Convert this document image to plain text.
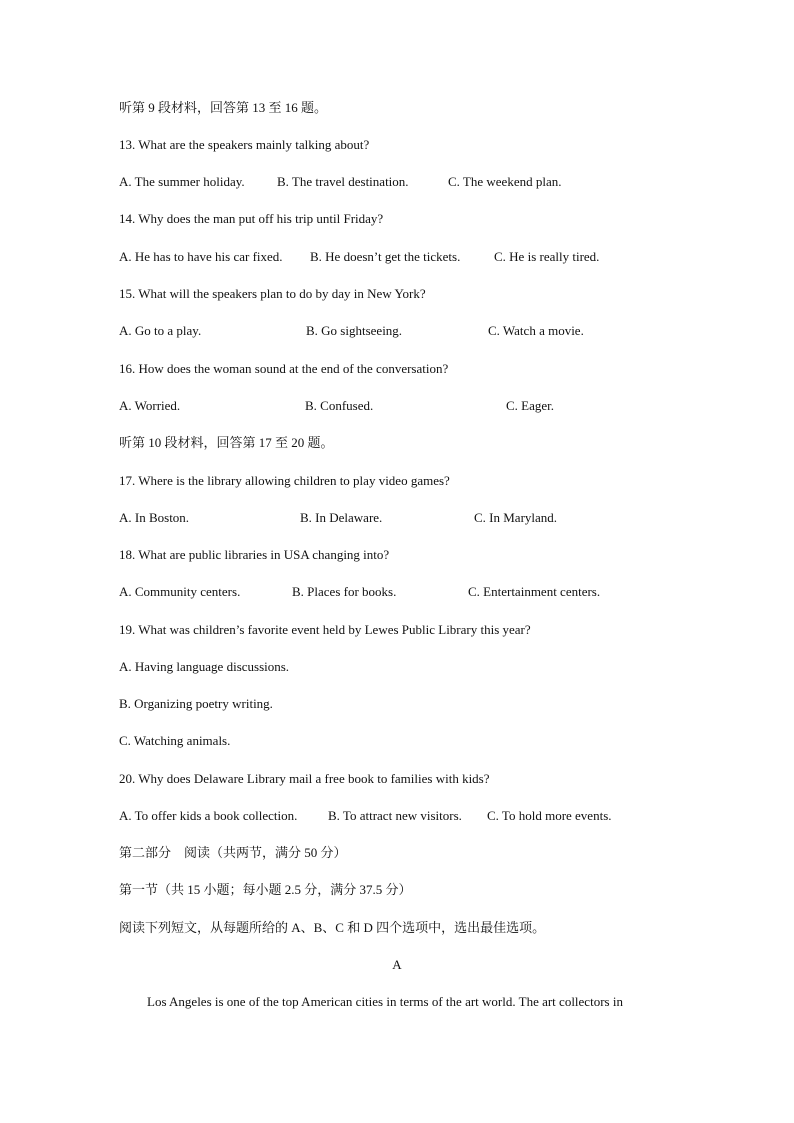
听第 9 段材料，回答第 13 至 16 题。
13. What are the speakers mainly talking about?
A. The summer holiday. B. The travel destination.	C. The weekend plan.
14. Why does the man put off his trip until Friday?
A. He has to have his car fixed. B. He doesn’t get the tickets.	C. He is really tired.
15. What will the speakers plan to do by day in New York?
A. Go to a play.	B. Go sightseeing.	C. Watch a movie.
16. How does the woman sound at the end of the conversation?
A. Worried.	B. Confused.	C. Eager.
听第 10 段材料，回答第 17 至 20 题。
17. Where is the library allowing children to play video games?
A. In Boston.	B. In Delaware.	C. In Maryland.
18. What are public libraries in USA changing into?
A. Community centers.	B. Places for books.	C. Entertainment centers.
19. What was children’s favorite event held by Lewes Public Library this year?
A. Having language discussions.
B. Organizing poetry writing.
C. Watching animals.
20. Why does Delaware Library mail a free book to families with kids?
A. To offer kids a book collection. B. To attract new visitors. C. To hold more events.
第二部分　阅读（共两节，满分 50 分）
第一节（共 15 小题；每小题 2.5 分，满分 37.5 分）
阅读下列短文，从每题所给的 A、B、C 和 D 四个选项中，选出最佳选项。
A
Los Angeles is one of the top American cities in terms of the art world. The art collectors in
